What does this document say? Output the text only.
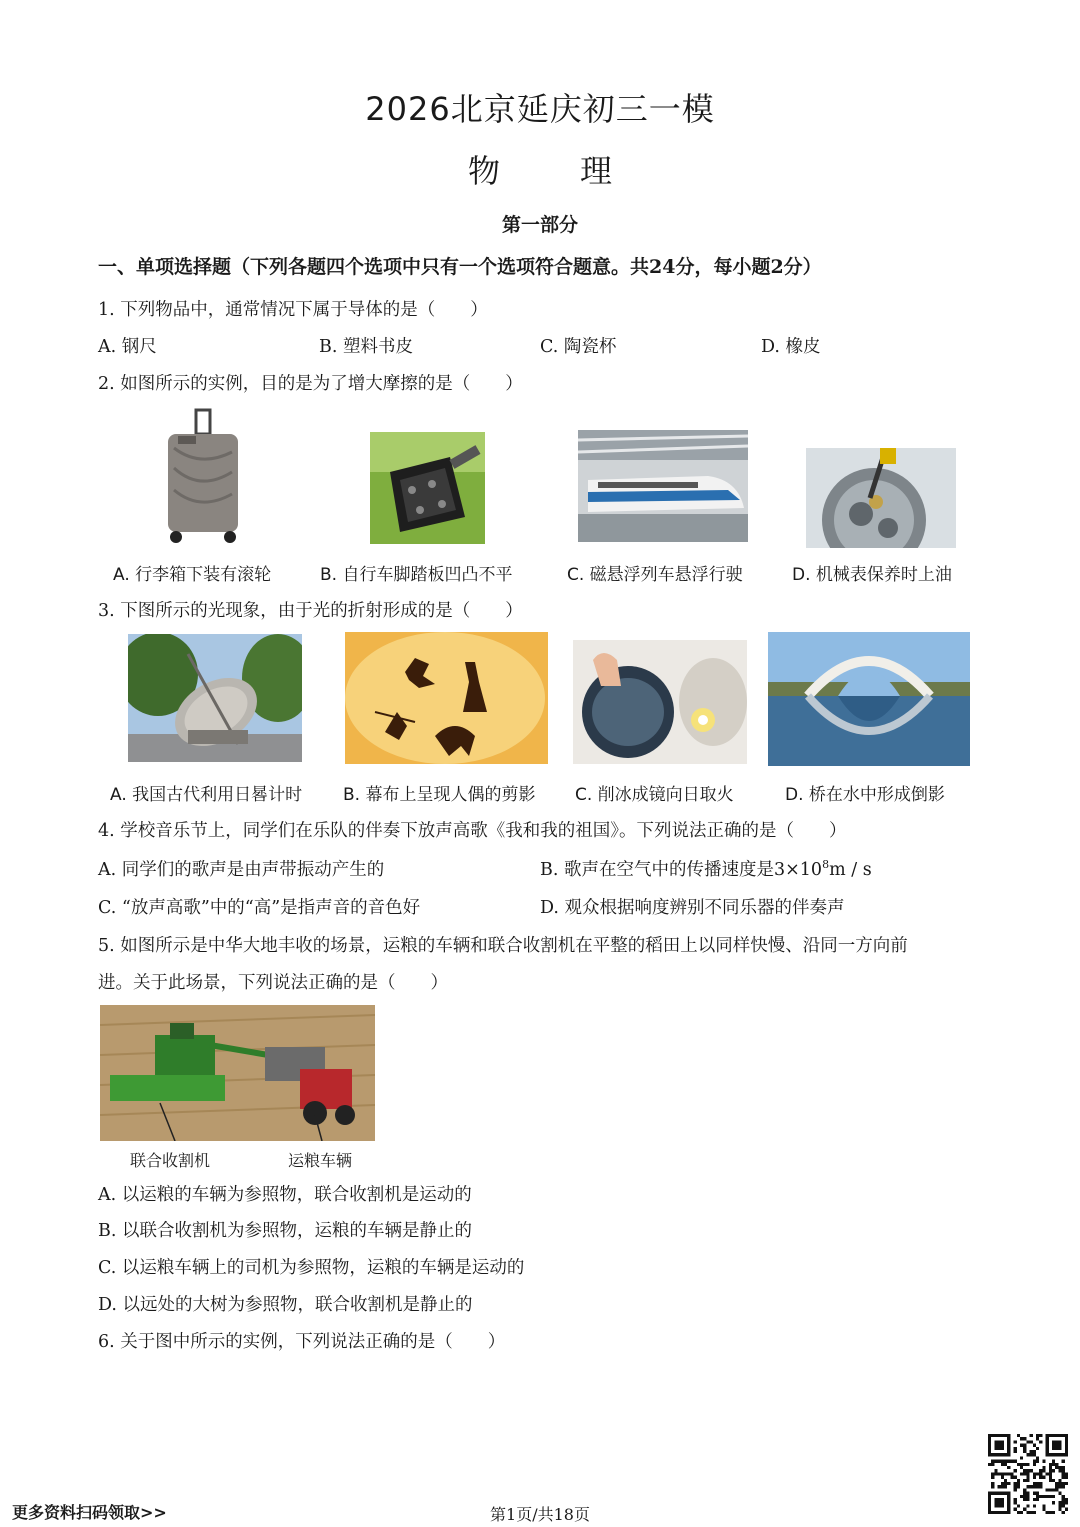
2026北京延庆初三一模
物	理
第一部分
一、单项选择题（下列各题四个选项中只有一个选项符合题意。共24分，每小题2分）
1. 下列物品中，通常情况下属于导体的是（　　）
A. 钢尺	B. 塑料书皮	C. 陶瓷杯	D. 橡皮
2. 如图所示的实例，目的是为了增大摩擦的是（　　）
A. 行李箱下装有滚轮	B. 自行车脚踏板凹凸不平	C. 磁悬浮列车悬浮行驶	D. 机械表保养时上油
3. 下图所示的光现象，由于光的折射形成的是（　　）
A. 我国古代利用日晷计时 B. 幕布上呈现人偶的剪影 C. 削冰成镜向日取火	D. 桥在水中形成倒影
4. 学校音乐节上，同学们在乐队的伴奏下放声高歌《我和我的祖国》。下列说法正确的是（　　）
A. 同学们的歌声是由声带振动产生的	B. 歌声在空气中的传播速度是$3\times 10^8m / s$
C. “放声高歌”中的“高”是指声音的音色好	D. 观众根据响度辨别不同乐器的伴奏声
5. 如图所示是中华大地丰收的场景，运粮的车辆和联合收割机在平整的稻田上以同样快慢、沿同一方向前
进。关于此场景，下列说法正确的是（　　）
联合收割机	运粮车辆
A. 以运粮的车辆为参照物，联合收割机是运动的
B. 以联合收割机为参照物，运粮的车辆是静止的
C. 以运粮车辆上的司机为参照物，运粮的车辆是运动的
D. 以远处的大树为参照物，联合收割机是静止的
6. 关于图中所示的实例，下列说法正确的是（　　）
更多资料扫码领取>>	第1页/共18页
